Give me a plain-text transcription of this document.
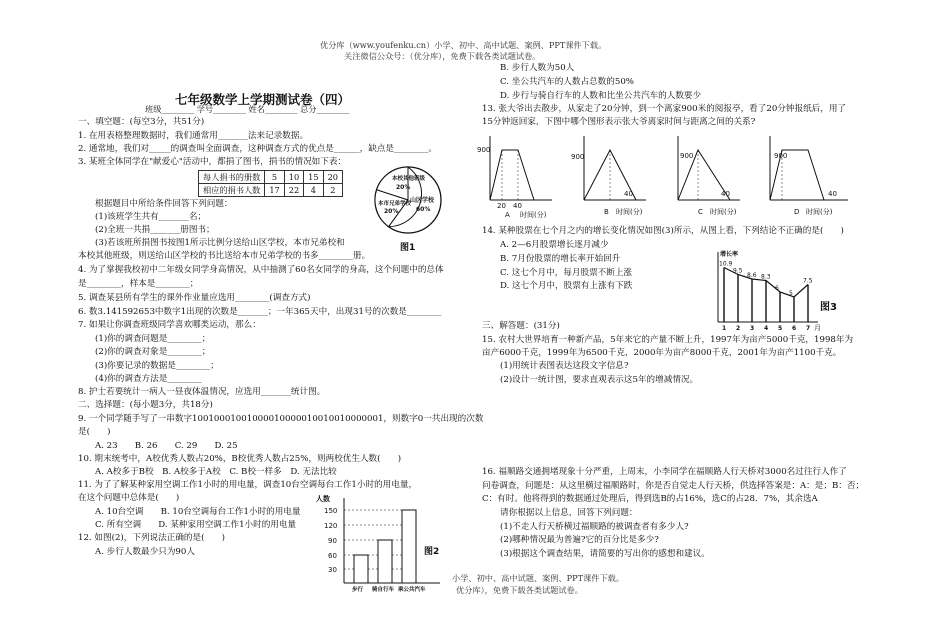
优分库（www.youfenku.cn）小学、初中、高中试题、案例、PPT课件下载。
关注微信公众号：（优分库），免费下载各类试题试卷。
七年级数学上学期测试卷（四）
班级________ 学号________ 姓名________ 总分________
一、填空题：(每空3分，共51分)
1. 在用表格整理数据时，我们通常用_______法来记录数据。
2. 通常地，我们对_____的调查叫全面调查，这种调查方式的优点是______，缺点是________。
3. 某班全体同学在"献爱心"活动中，都捐了图书，捐书的情况如下表：
每人捐书的册数	5	10	15	20
相应的捐书人数	17	22	4	2
本校其他班级
20%
本市兄弟学校
20%
山区学校
60%
图1
根据题目中所给条件回答下列问题：
(1)该班学生共有_______名；
(2)全班一共捐_______册图书；
(3)若该班所捐图书按图1所示比例分送给山区学校，本市兄弟校和
本校其他班级，则送给山区学校的书比送给本市兄弟学校的书多________册。
4. 为了掌握我校初中二年级女同学身高情况，从中抽测了60名女同学的身高，这个问题中的总体
是________，样本是________；
5. 调查某县所有学生的课外作业量应选用________(调查方式)
6. 数3.141592653中数字1出现的次数是_______；一年365天中，出现31号的次数是________
7. 如果让你调查班级同学喜欢哪类运动，那么：
(1)你的调查问题是________；
(2)你的调查对象是________；
(3)你要记录的数据是________；
(4)你的调查方法是________
8. 护士若要统计一病人一昼夜体温情况，应选用_______统计图。
二、选择题：(每小题3分，共18分)
9. 一个同学随手写了一串数字10010001001000010000010010010000001，则数字0一共出现的次数
是(　　)
A. 23　　B. 26　　C. 29　　D. 25
10. 期末统考中，A校优秀人数占20%，B校优秀人数占25%，则两校优生人数(　　)
A. A校多于B校　B. A校多于A校　C. B校一样多　D. 无法比较
11. 为了了解某种家用空调工作1小时的用电量，调查10台空调每台工作1小时的用电量，
在这个问题中总体是(　　)
A. 10台空调　　B. 10台空调每台工作1小时的用电量
C. 所有空调　　D. 某种家用空调工作1小时的用电量
12. 如图(2)，下列说法正确的是(　　)
A. 步行人数最少只为90人
人数
150
120
90
60
30
步行 骑自行车 乘公共汽车
图2
B. 步行人数为50人
C. 坐公共汽车的人数占总数的50%
D. 步行与骑自行车的人数和比坐公共汽车的人数要少
13. 张大爷出去散步，从家走了20分钟，到一个离家900米的阅报亭，看了20分钟报纸后，用了
15分钟返回家，下图中哪个图形表示张大爷离家时间与距离之间的关系?
900
20 40
A 时间(分)
900
40
B 时间(分)
900
40
C 时间(分)
900
40
D 时间(分)
14. 某种股票在七个月之内的增长变化情况如图(3)所示，从图上看，下列结论不正确的是(　　)
A. 2—6月股票增长逐月减少
B. 7月份股票的增长率开始回升
C. 这七个月中，每月股票不断上涨
D. 这七个月中，股票有上涨有下跌
增长率
10.9
9.5
8.6 8.3
6
5
7.5
1 2 3 4 5 6 7 月
图3
三、解答题：(31分)
15. 农村大世界培育一种新产品，5年来它的产量不断上升，1997年为亩产5000千克，1998年为
亩产6000千克，1999年为6500千克，2000年为亩产8000千克，2001年为亩产1100千克。
(1)用统计表图表达这段文字信息?
(2)设计一统计图，要求直观表示这5年的增减情况。
16. 福顺路交通拥堵现象十分严重，上周末，小李同学在福顺路人行天桥对3000名过往行人作了
问卷调查，问题是：从这里横过福顺路时，你是否自觉走人行天桥，供选择答案是：A：是；B：否；
C：有时。他将得到的数据通过处理后，得到选B的占16%，选C的占28．7%，其余选A
请你根据以上信息，回答下列问题：
(1)不走人行天桥横过福顺路的被调查者有多少人?
(2)哪种情况最为普遍?它的百分比是多少?
(3)根据这个调查结果，请简要的写出你的感想和建议。
小学、初中、高中试题、案例、PPT课件下载。
优分库），免费下载各类试题试卷。
